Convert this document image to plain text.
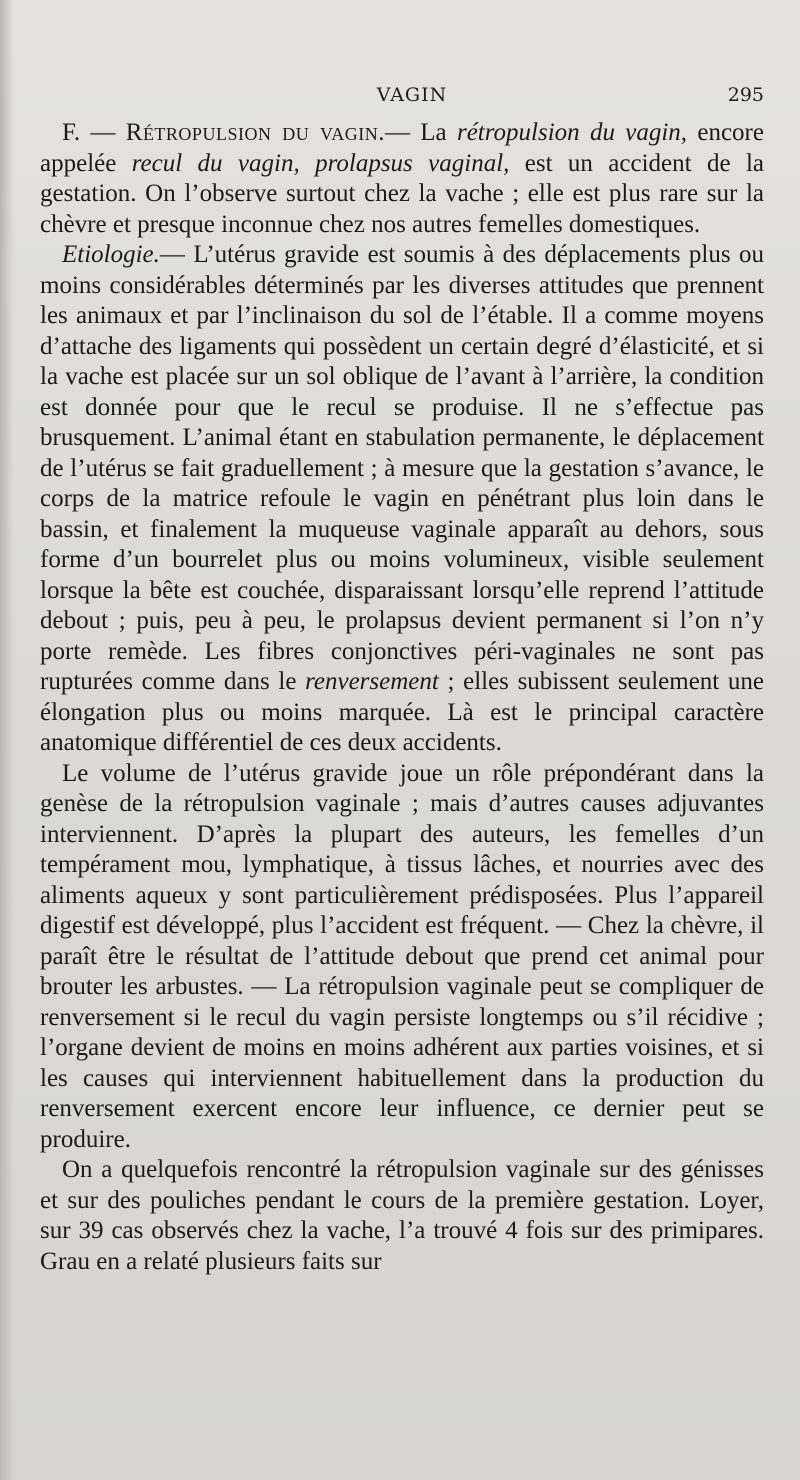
VAGIN	295

F. — Rétropulsion du vagin.— La rétropulsion du vagin, encore appelée recul du vagin, prolapsus vaginal, est un accident de la gestation. On l’observe surtout chez la vache ; elle est plus rare sur la chèvre et presque inconnue chez nos autres femelles domestiques.

Etiologie.— L’utérus gravide est soumis à des déplacements plus ou moins considérables déterminés par les diverses attitudes que prennent les animaux et par l’inclinaison du sol de l’étable. Il a comme moyens d’attache des ligaments qui possèdent un certain degré d’élasticité, et si la vache est placée sur un sol oblique de l’avant à l’arrière, la condition est donnée pour que le recul se produise. Il ne s’effectue pas brusquement. L’animal étant en stabulation permanente, le déplacement de l’utérus se fait graduellement ; à mesure que la gestation s’avance, le corps de la matrice refoule le vagin en pénétrant plus loin dans le bassin, et finalement la muqueuse vaginale apparaît au dehors, sous forme d’un bourrelet plus ou moins volumineux, visible seulement lorsque la bête est couchée, disparaissant lorsqu’elle reprend l’attitude debout ; puis, peu à peu, le prolapsus devient permanent si l’on n’y porte remède. Les fibres conjonctives péri-vaginales ne sont pas rupturées comme dans le renversement ; elles subissent seulement une élongation plus ou moins marquée. Là est le principal caractère anatomique différentiel de ces deux accidents.

Le volume de l’utérus gravide joue un rôle prépondérant dans la genèse de la rétropulsion vaginale ; mais d’autres causes adjuvantes interviennent. D’après la plupart des auteurs, les femelles d’un tempérament mou, lymphatique, à tissus lâches, et nourries avec des aliments aqueux y sont particulièrement prédisposées. Plus l’appareil digestif est développé, plus l’accident est fréquent. — Chez la chèvre, il paraît être le résultat de l’attitude debout que prend cet animal pour brouter les arbustes. — La rétropulsion vaginale peut se compliquer de renversement si le recul du vagin persiste longtemps ou s’il récidive ; l’organe devient de moins en moins adhérent aux parties voisines, et si les causes qui interviennent habituellement dans la production du renversement exercent encore leur influence, ce dernier peut se produire.

On a quelquefois rencontré la rétropulsion vaginale sur des génisses et sur des pouliches pendant le cours de la première gestation. Loyer, sur 39 cas observés chez la vache, l’a trouvé 4 fois sur des primipares. Grau en a relaté plusieurs faits sur
